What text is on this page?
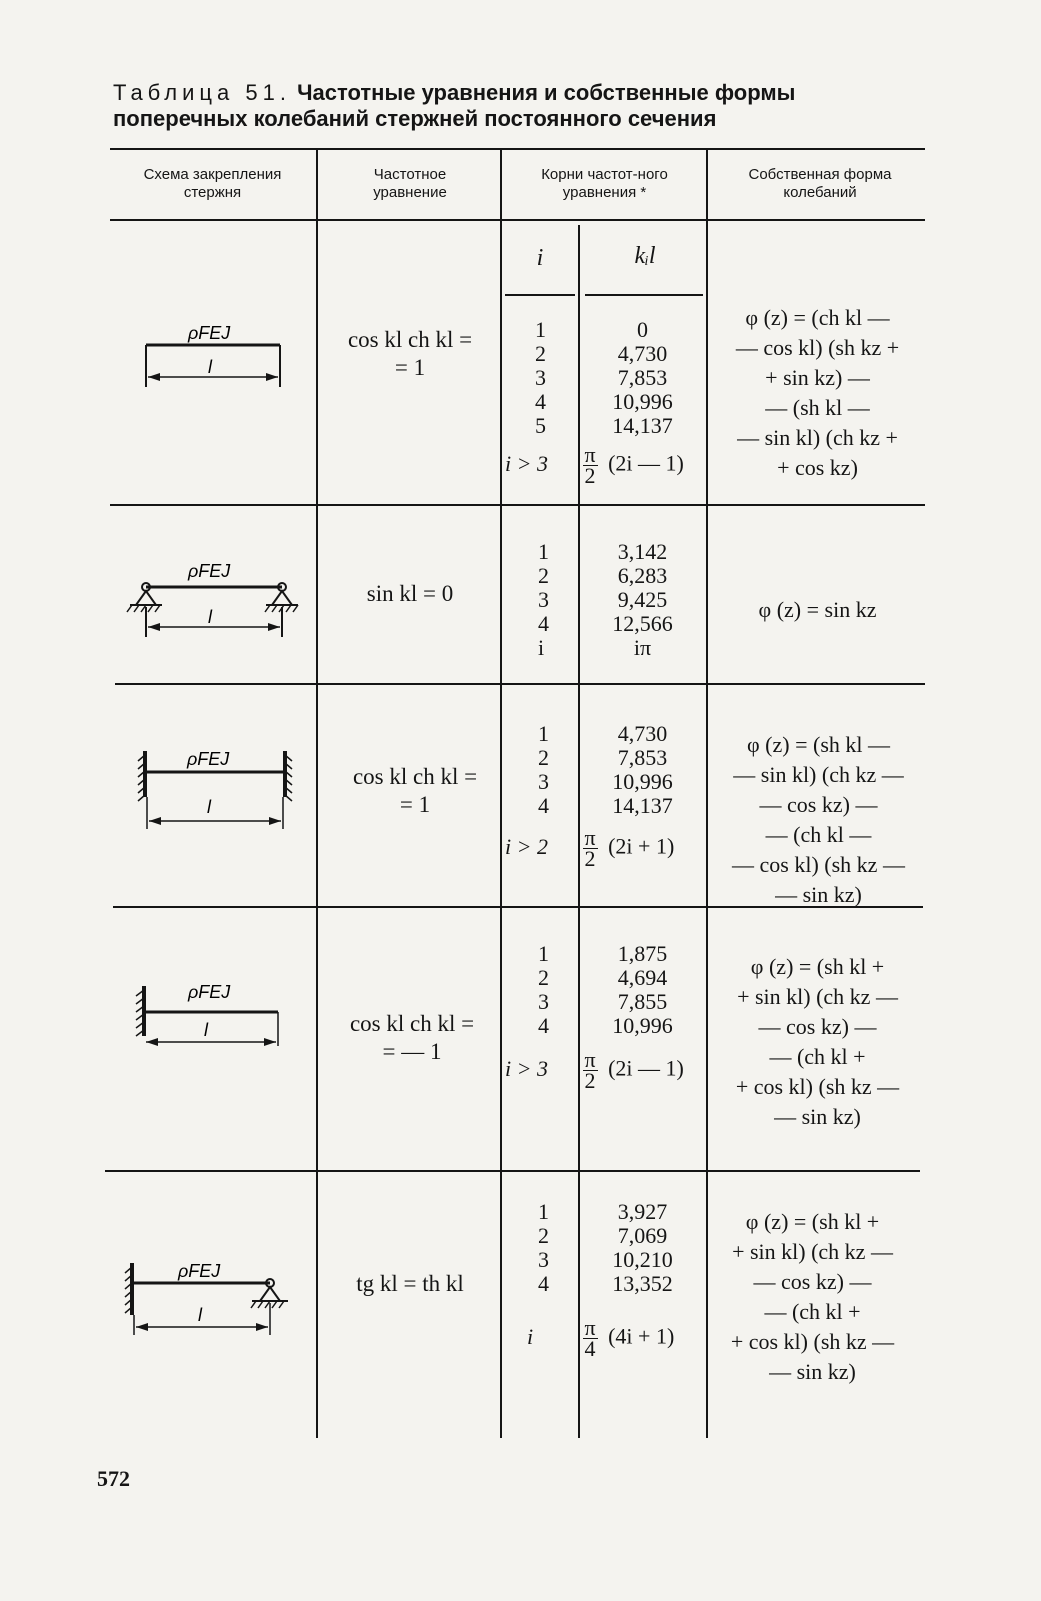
Таблица 51. Частотные уравнения и собственные формы поперечных колебаний стержней постоянного сечения
Схема закрепления стержня
Частотное уравнение
Корни частот-ного уравнения *
Собственная форма колебаний
i	kᵢl
ρFEJ
l
cos kl ch kl =
= 1
1
2
3
4
5
0
4,730
7,853
10,996
14,137
$i > 3 \frac{\pi}{2} (2i$ — 1)
φ (z) = (ch kl —
— cos kl) (sh kz +
+ sin kz) —
— (sh kl —
— sin kl) (ch kz +
+ cos kz)
ρFEJ
l
sin kl = 0
1
2
3
4
i
3,142
6,283
9,425
12,566
iπ
φ (z) = sin kz
ρFEJ
l
cos kl ch kl =
= 1
1
2
3
4
4,730
7,853
10,996
14,137
$i > 2 \frac{\pi}{2} (2i + 1)$
φ (z) = (sh kl —
— sin kl) (ch kz —
— cos kz) —
— (ch kl —
— cos kl) (sh kz —
— sin kz)
ρFEJ
l	cos kl ch kl =
= — 1
1
2
3
4
1,875
4,694
7,855
10,996
$i > 3 \frac{\pi}{2} (2i$ — 1)
φ (z) = (sh kl +
+ sin kl) (ch kz —
— cos kz) —
— (ch kl +
+ cos kl) (sh kz —
— sin kz)
ρFEJ
l
tg kl = th kl
1
2
3
4
3,927
7,069
10,210
13,352
i $\frac{\pi}{4} (4i + 1)$
φ (z) = (sh kl +
+ sin kl) (ch kz —
— cos kz) —
— (ch kl +
+ cos kl) (sh kz —
— sin kz)
572
